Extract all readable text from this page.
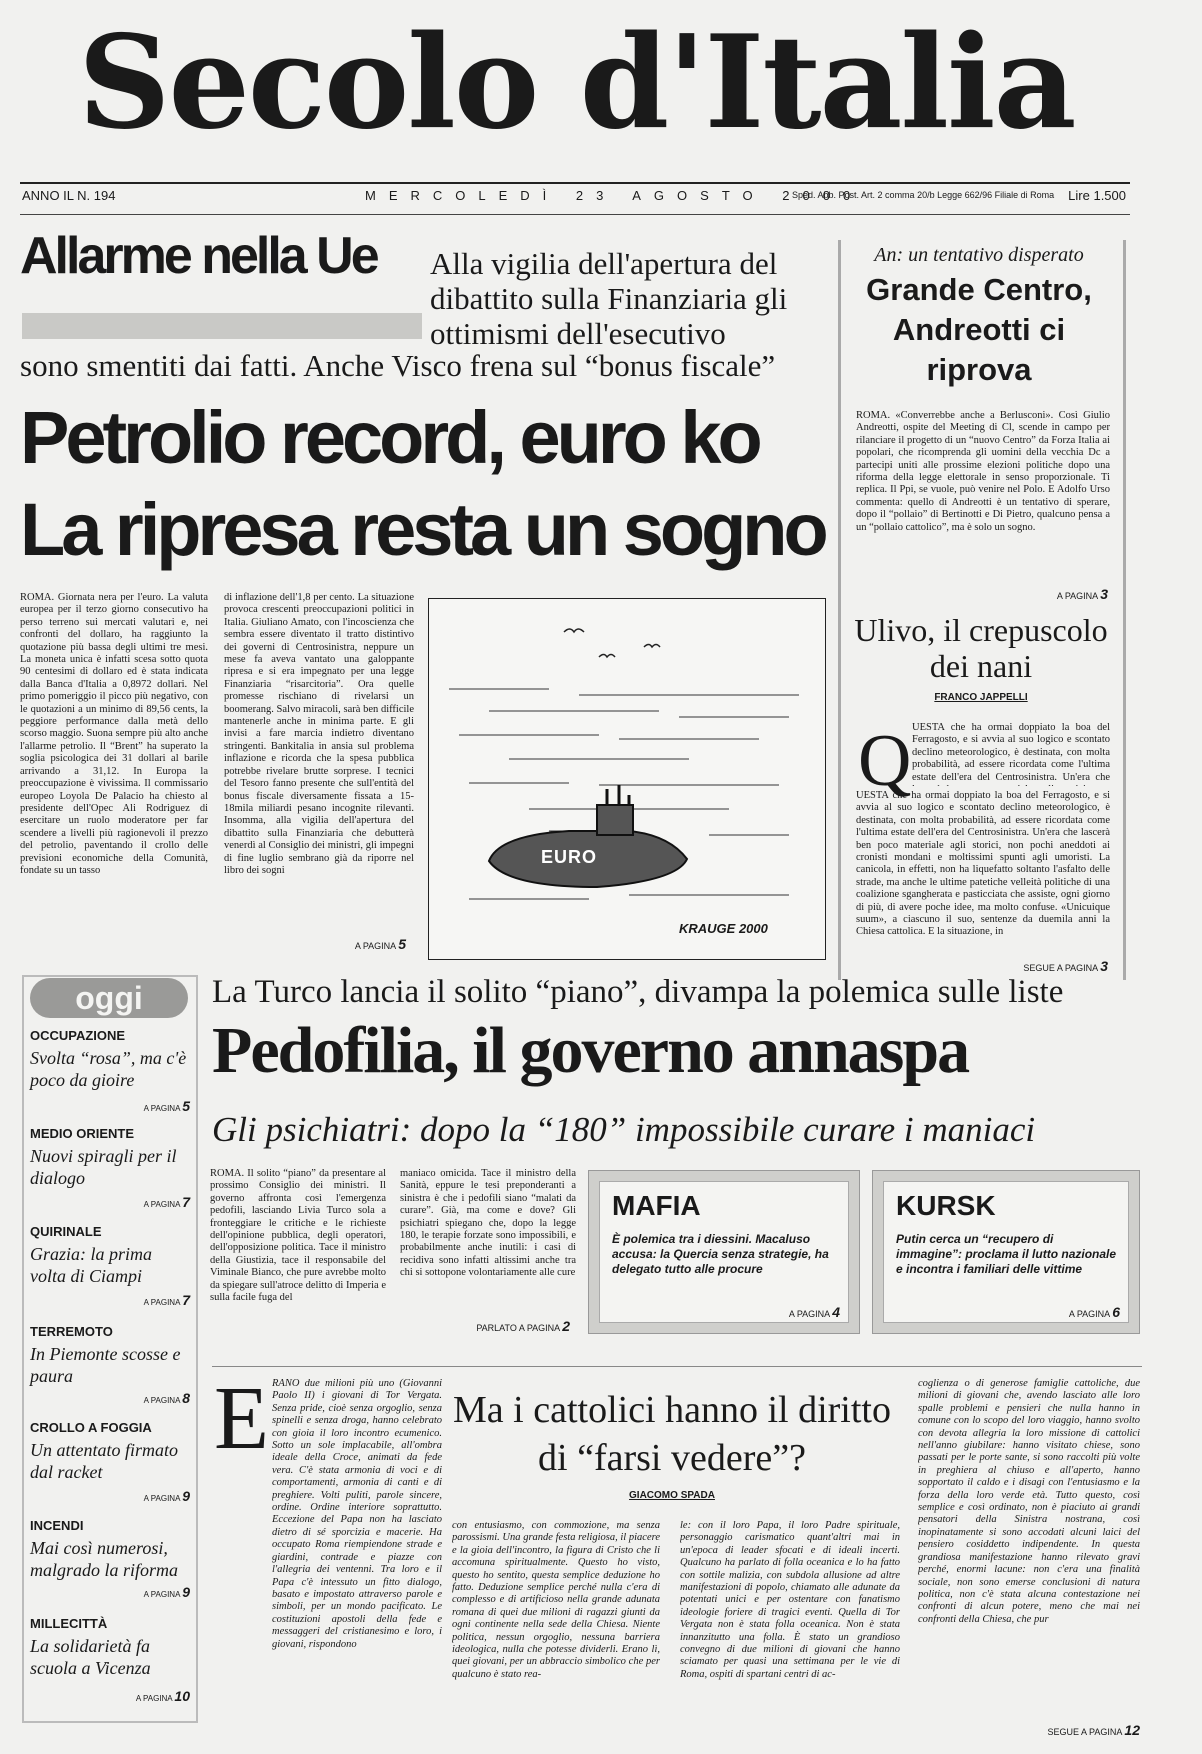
Secolo d'Italia
ANNO IL N. 194	MERCOLEDÌ 23 AGOSTO 2000
Sped. Abb. Post. Art. 2 comma 20/b Legge 662/96 Filiale di Roma Lire 1.500
Allarme nella Ue Alla vigilia dell'apertura del dibattito sulla Finanziaria gli ottimismi dell'esecutivo
sono smentiti dai fatti. Anche Visco frena sul “bonus fiscale”
Petrolio record, euro ko
La ripresa resta un sogno
ROMA. Giornata nera per l'euro. La valuta europea per il terzo giorno consecutivo ha perso terreno sui mercati valutari e, nei confronti del dollaro, ha raggiunto la quotazione più bassa degli ultimi tre mesi. La moneta unica è infatti scesa sotto quota 90 centesimi di dollaro ed è stata indicata dalla Banca d'Italia a 0,8972 dollari. Nel primo pomeriggio il picco più negativo, con le quotazioni a un minimo di 89,56 cents, la peggiore performance dalla metà dello scorso maggio. Suona sempre più alto anche l'allarme petrolio. Il “Brent” ha superato la soglia psicologica dei 31 dollari al barile arrivando a 31,12. In Europa la preoccupazione è vivissima. Il commissario europeo Loyola De Palacio ha chiesto al presidente dell'Opec Ali Rodriguez di esercitare un ruolo moderatore per far scendere a livelli più ragionevoli il prezzo del petrolio, paventando il crollo delle previsioni economiche della Comunità, fondate su un tasso
di inflazione dell'1,8 per cento. La situazione provoca crescenti preoccupazioni politici in Italia. Giuliano Amato, con l'incoscienza che sembra essere diventato il tratto distintivo dei governi di Centrosinistra, neppure un mese fa aveva vantato una galoppante ripresa e si era impegnato per una legge Finanziaria “risarcitoria”. Ora quelle promesse rischiano di rivelarsi un boomerang. Salvo miracoli, sarà ben difficile mantenerle anche in minima parte. E gli invisi a fare marcia indietro diventano stringenti. Bankitalia in ansia sul problema inflazione e ricorda che la spesa pubblica potrebbe rivelare brutte sorprese. I tecnici del Tesoro fanno presente che sull'entità del bonus fiscale diversamente fissata a 15-18mila miliardi pesano incognite rilevanti. Insomma, alla vigilia dell'apertura del dibattito sulla Finanziaria che debutterà venerdì al Consiglio dei ministri, gli impegni di fine luglio sembrano già da riporre nel libro dei sogni
A PAGINA 5
EURO
KRAUGE 2000
An: un tentativo disperato
Grande Centro, Andreotti ci riprova
ROMA. «Converrebbe anche a Berlusconi». Così Giulio Andreotti, ospite del Meeting di Cl, scende in campo per rilanciare il progetto di un “nuovo Centro” da Forza Italia ai popolari, che ricomprenda gli uomini della vecchia Dc a partecipi uniti alle prossime elezioni politiche dopo una riforma della legge elettorale in senso proporzionale. Ti replica. Il Ppi, se vuole, può venire nel Polo. E Adolfo Urso commenta: quello di Andreotti è un tentativo di sperare, dopo il “pollaio” di Bertinotti e Di Pietro, qualcuno pensa a un “pollaio cattolico”, ma è solo un sogno.
A PAGINA 3
Ulivo, il crepuscolo dei nani
FRANCO JAPPELLI
Q UESTA che ha ormai doppiato la boa del Ferragosto, e si avvia al suo logico e scontato declino meteorologico, è destinata, con molta probabilità, ad essere ricordata come l'ultima estate dell'era del Centrosinistra. Un'era che
UESTA che ha ormai doppiato la boa del Ferragosto, e si avvia al suo logico e scontato declino meteorologico, è destinata, con molta probabilità, ad essere ricordata come l'ultima estate dell'era del Centrosinistra. Un'era che lascerà ben poco materiale agli storici, non pochi aneddoti ai cronisti mondani e moltissimi spunti agli umoristi. La canicola, in effetti, non ha liquefatto soltanto l'asfalto delle strade, ma anche le ultime patetiche velleità politiche di una coalizione sgangherata e pasticciata che assiste, ogni giorno di più, di avere poche idee, ma molto confuse. «Unicuique suum», a ciascuno il suo, sentenze da duemila anni la Chiesa cattolica. E la situazione, in
SEGUE A PAGINA 3
oggi
OCCUPAZIONE
Svolta “rosa”, ma c'è poco da gioire
A PAGINA 5
MEDIO ORIENTE
Nuovi spiragli per il dialogo
A PAGINA 7
QUIRINALE
Grazia: la prima volta di Ciampi
A PAGINA 7
TERREMOTO
In Piemonte scosse e paura
A PAGINA 8
CROLLO A FOGGIA
Un attentato firmato dal racket
A PAGINA 9
INCENDI
Mai così numerosi, malgrado la riforma
A PAGINA 9
MILLECITTÀ
La solidarietà fa scuola a Vicenza
A PAGINA 10
La Turco lancia il solito “piano”, divampa la polemica sulle liste
Pedofilia, il governo annaspa
Gli psichiatri: dopo la “180” impossibile curare i maniaci
ROMA. Il solito “piano” da presentare al prossimo Consiglio dei ministri. Il governo affronta così l'emergenza pedofili, lasciando Livia Turco sola a fronteggiare le critiche e le richieste dell'opinione pubblica, degli operatori, dell'opposizione politica. Tace il ministro della Giustizia, tace il responsabile del Viminale Bianco, che pure avrebbe molto da spiegare sull'atroce delitto di Imperia e sulla facile fuga del
maniaco omicida. Tace il ministro della Sanità, eppure le tesi preponderanti a sinistra è che i pedofili siano “malati da curare”. Già, ma come e dove? Gli psichiatri spiegano che, dopo la legge 180, le terapie forzate sono impossibili, e probabilmente anche inutili: i casi di recidiva sono infatti altissimi anche tra chi si sottopone volontariamente alle cure
PARLATO A PAGINA 2
MAFIA
È polemica tra i diessini. Macaluso accusa: la Quercia senza strategie, ha delegato tutto alle procure
A PAGINA 4
KURSK
Putin cerca un “recupero di immagine”: proclama il lutto nazionale e incontra i familiari delle vittime
A PAGINA 6
E RANO due milioni più uno (Giovanni Paolo II) i giovani di Tor Vergata. Senza pride, cioè senza orgoglio, senza spinelli e senza droga, hanno celebrato con gioia il loro incontro ecumenico. Sotto un sole implacabile, all'ombra ideale della Croce, animati da fede vera. C'è stata armonia di voci e di comportamenti, armonia di canti e di preghiere. Volti puliti, parole sincere, ordine. Ordine interiore soprattutto. Eccezione del Papa non ha lasciato dietro di sé sporcizia e macerie. Ha occupato Roma riempiendone strade e giardini, contrade e piazze con l'allegria dei ventenni. Tra loro e il Papa c'è intessuto un fitto dialogo, basato e impostato attraverso parole e simboli, per un mondo pacificato. Le costituzioni apostoli della fede e messaggeri del cristianesimo e loro, i giovani, rispondono
Ma i cattolici hanno il diritto di “farsi vedere”?
GIACOMO SPADA
con entusiasmo, con commozione, ma senza parossismi. Una grande festa religiosa, il piacere e la gioia dell'incontro, la figura di Cristo che li accomuna spiritualmente. Questo ho visto, questo ho sentito, questa semplice deduzione ho fatto. Deduzione semplice perché nulla c'era di complesso e di artificioso nella grande adunata romana di quei due milioni di ragazzi giunti da ogni continente nella sede della Chiesa. Niente politica, nessun orgoglio, nessuna barriera ideologica, nulla che potesse dividerli. Erano lì, quei giovani, per un abbraccio simbolico che per qualcuno è stato rea-
le: con il loro Papa, il loro Padre spirituale, personaggio carismatico quant'altri mai in un'epoca di leader sfocati e di ideali incerti. Qualcuno ha parlato di folla oceanica e lo ha fatto con sottile malizia, con subdola allusione ad altre manifestazioni di popolo, chiamato alle adunate da potentati unici e per ostentare con fanatismo ideologie foriere di tragici eventi. Quella di Tor Vergata non è stata folla oceanica. Non è stata innanzitutto una folla. È stato un grandioso convegno di due milioni di giovani che hanno sciamato per quasi una settimana per le vie di Roma, ospiti di spartani centri di ac-
coglienza o di generose famiglie cattoliche, due milioni di giovani che, avendo lasciato alle loro spalle problemi e pensieri che nulla hanno in comune con lo scopo del loro viaggio, hanno svolto con devota allegria la loro missione di cattolici nell'anno giubilare: hanno visitato chiese, sono passati per le porte sante, si sono raccolti più volte in preghiera al chiuso e all'aperto, hanno sopportato il caldo e i disagi con l'entusiasmo e la forza della loro verde età. Tutto questo, così semplice e così ordinato, non è piaciuto ai grandi pensatori della Sinistra nostrana, così inopinatamente si sono accodati alcuni laici del pensiero cosiddetto indipendente. In questa grandiosa manifestazione hanno rilevato gravi perché, enormi lacune: non c'era una finalità sociale, non sono emerse conclusioni di natura politica, non c'è stata alcuna contestazione nei confronti di alcun potere, meno che mai nei confronti della Chiesa, che pur
SEGUE A PAGINA 12
